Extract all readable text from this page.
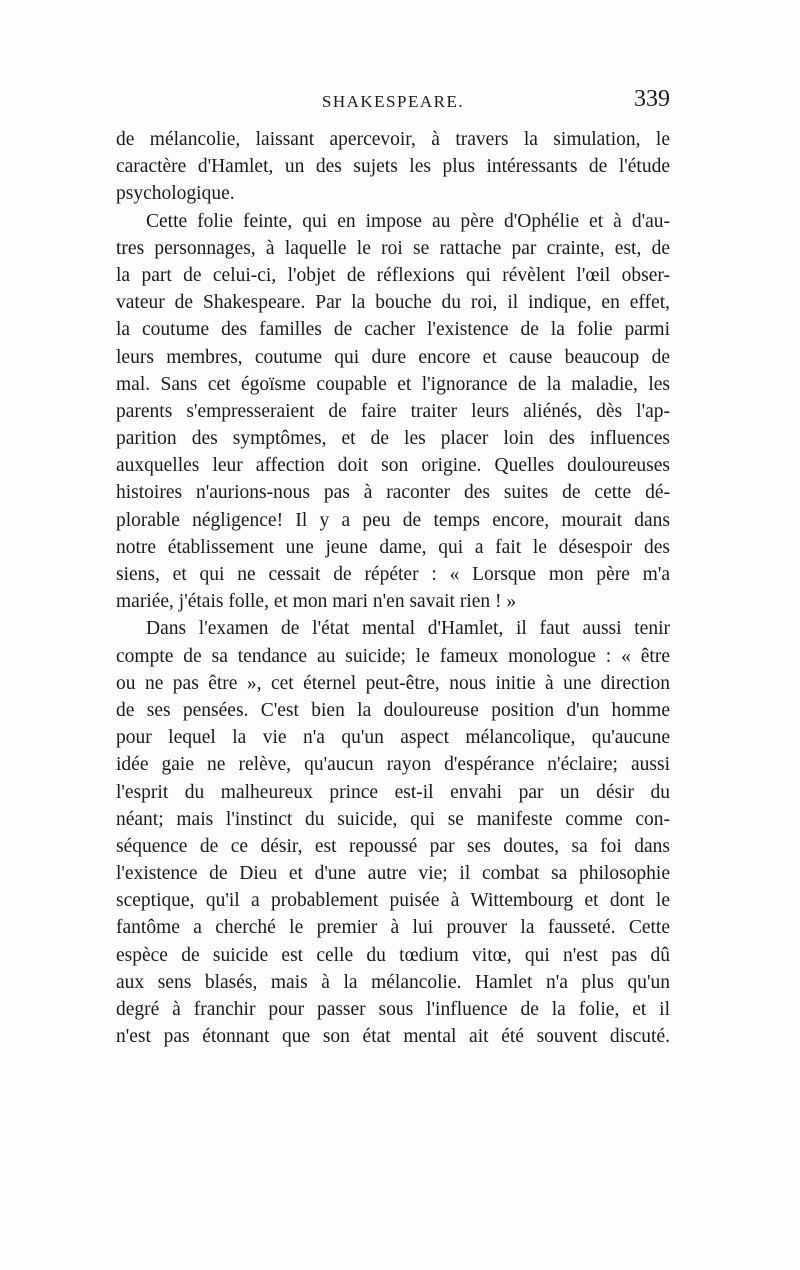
SHAKESPEARE.	339
de mélancolie, laissant apercevoir, à travers la simulation, le
caractère d'Hamlet, un des sujets les plus intéressants de l'étude
psychologique.
Cette folie feinte, qui en impose au père d'Ophélie et à d'au-
tres personnages, à laquelle le roi se rattache par crainte, est, de
la part de celui-ci, l'objet de réflexions qui révèlent l'œil obser-
vateur de Shakespeare. Par la bouche du roi, il indique, en effet,
la coutume des familles de cacher l'existence de la folie parmi
leurs membres, coutume qui dure encore et cause beaucoup de
mal. Sans cet égoïsme coupable et l'ignorance de la maladie, les
parents s'empresseraient de faire traiter leurs aliénés, dès l'ap-
parition des symptômes, et de les placer loin des influences
auxquelles leur affection doit son origine. Quelles douloureuses
histoires n'aurions-nous pas à raconter des suites de cette dé-
plorable négligence! Il y a peu de temps encore, mourait dans
notre établissement une jeune dame, qui a fait le désespoir des
siens, et qui ne cessait de répéter : « Lorsque mon père m'a
mariée, j'étais folle, et mon mari n'en savait rien ! »
Dans l'examen de l'état mental d'Hamlet, il faut aussi tenir
compte de sa tendance au suicide; le fameux monologue : « être
ou ne pas être », cet éternel peut-être, nous initie à une direction
de ses pensées. C'est bien la douloureuse position d'un homme
pour lequel la vie n'a qu'un aspect mélancolique, qu'aucune
idée gaie ne relève, qu'aucun rayon d'espérance n'éclaire; aussi
l'esprit du malheureux prince est-il envahi par un désir du
néant; mais l'instinct du suicide, qui se manifeste comme con-
séquence de ce désir, est repoussé par ses doutes, sa foi dans
l'existence de Dieu et d'une autre vie; il combat sa philosophie
sceptique, qu'il a probablement puisée à Wittembourg et dont le
fantôme a cherché le premier à lui prouver la fausseté. Cette
espèce de suicide est celle du tœdium vitœ, qui n'est pas dû
aux sens blasés, mais à la mélancolie. Hamlet n'a plus qu'un
degré à franchir pour passer sous l'influence de la folie, et il
n'est pas étonnant que son état mental ait été souvent discuté.
